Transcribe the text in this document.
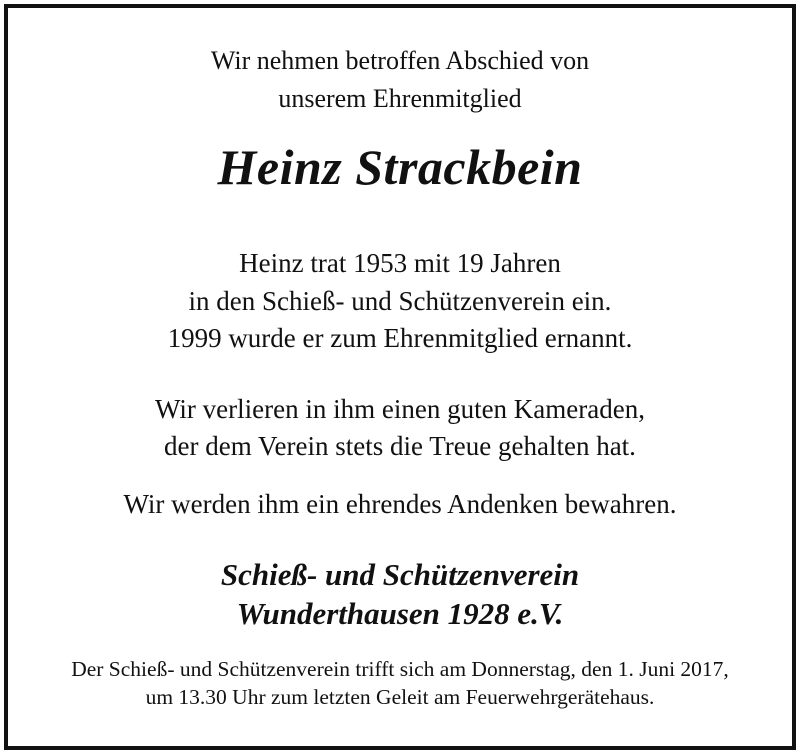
Wir nehmen betroffen Abschied von

unserem Ehrenmitglied

Heinz Strackbein

Heinz trat 1953 mit 19 Jahren

in den Schieß- und Schützenverein ein.

1999 wurde er zum Ehrenmitglied ernannt.

Wir verlieren in ihm einen guten Kameraden,

der dem Verein stets die Treue gehalten hat.

Wir werden ihm ein ehrendes Andenken bewahren.

Schieß- und Schützenverein

Wunderthausen 1928 e.V.

Der Schieß- und Schützenverein trifft sich am Donnerstag, den 1. Juni 2017,

um 13.30 Uhr zum letzten Geleit am Feuerwehrgerätehaus.
